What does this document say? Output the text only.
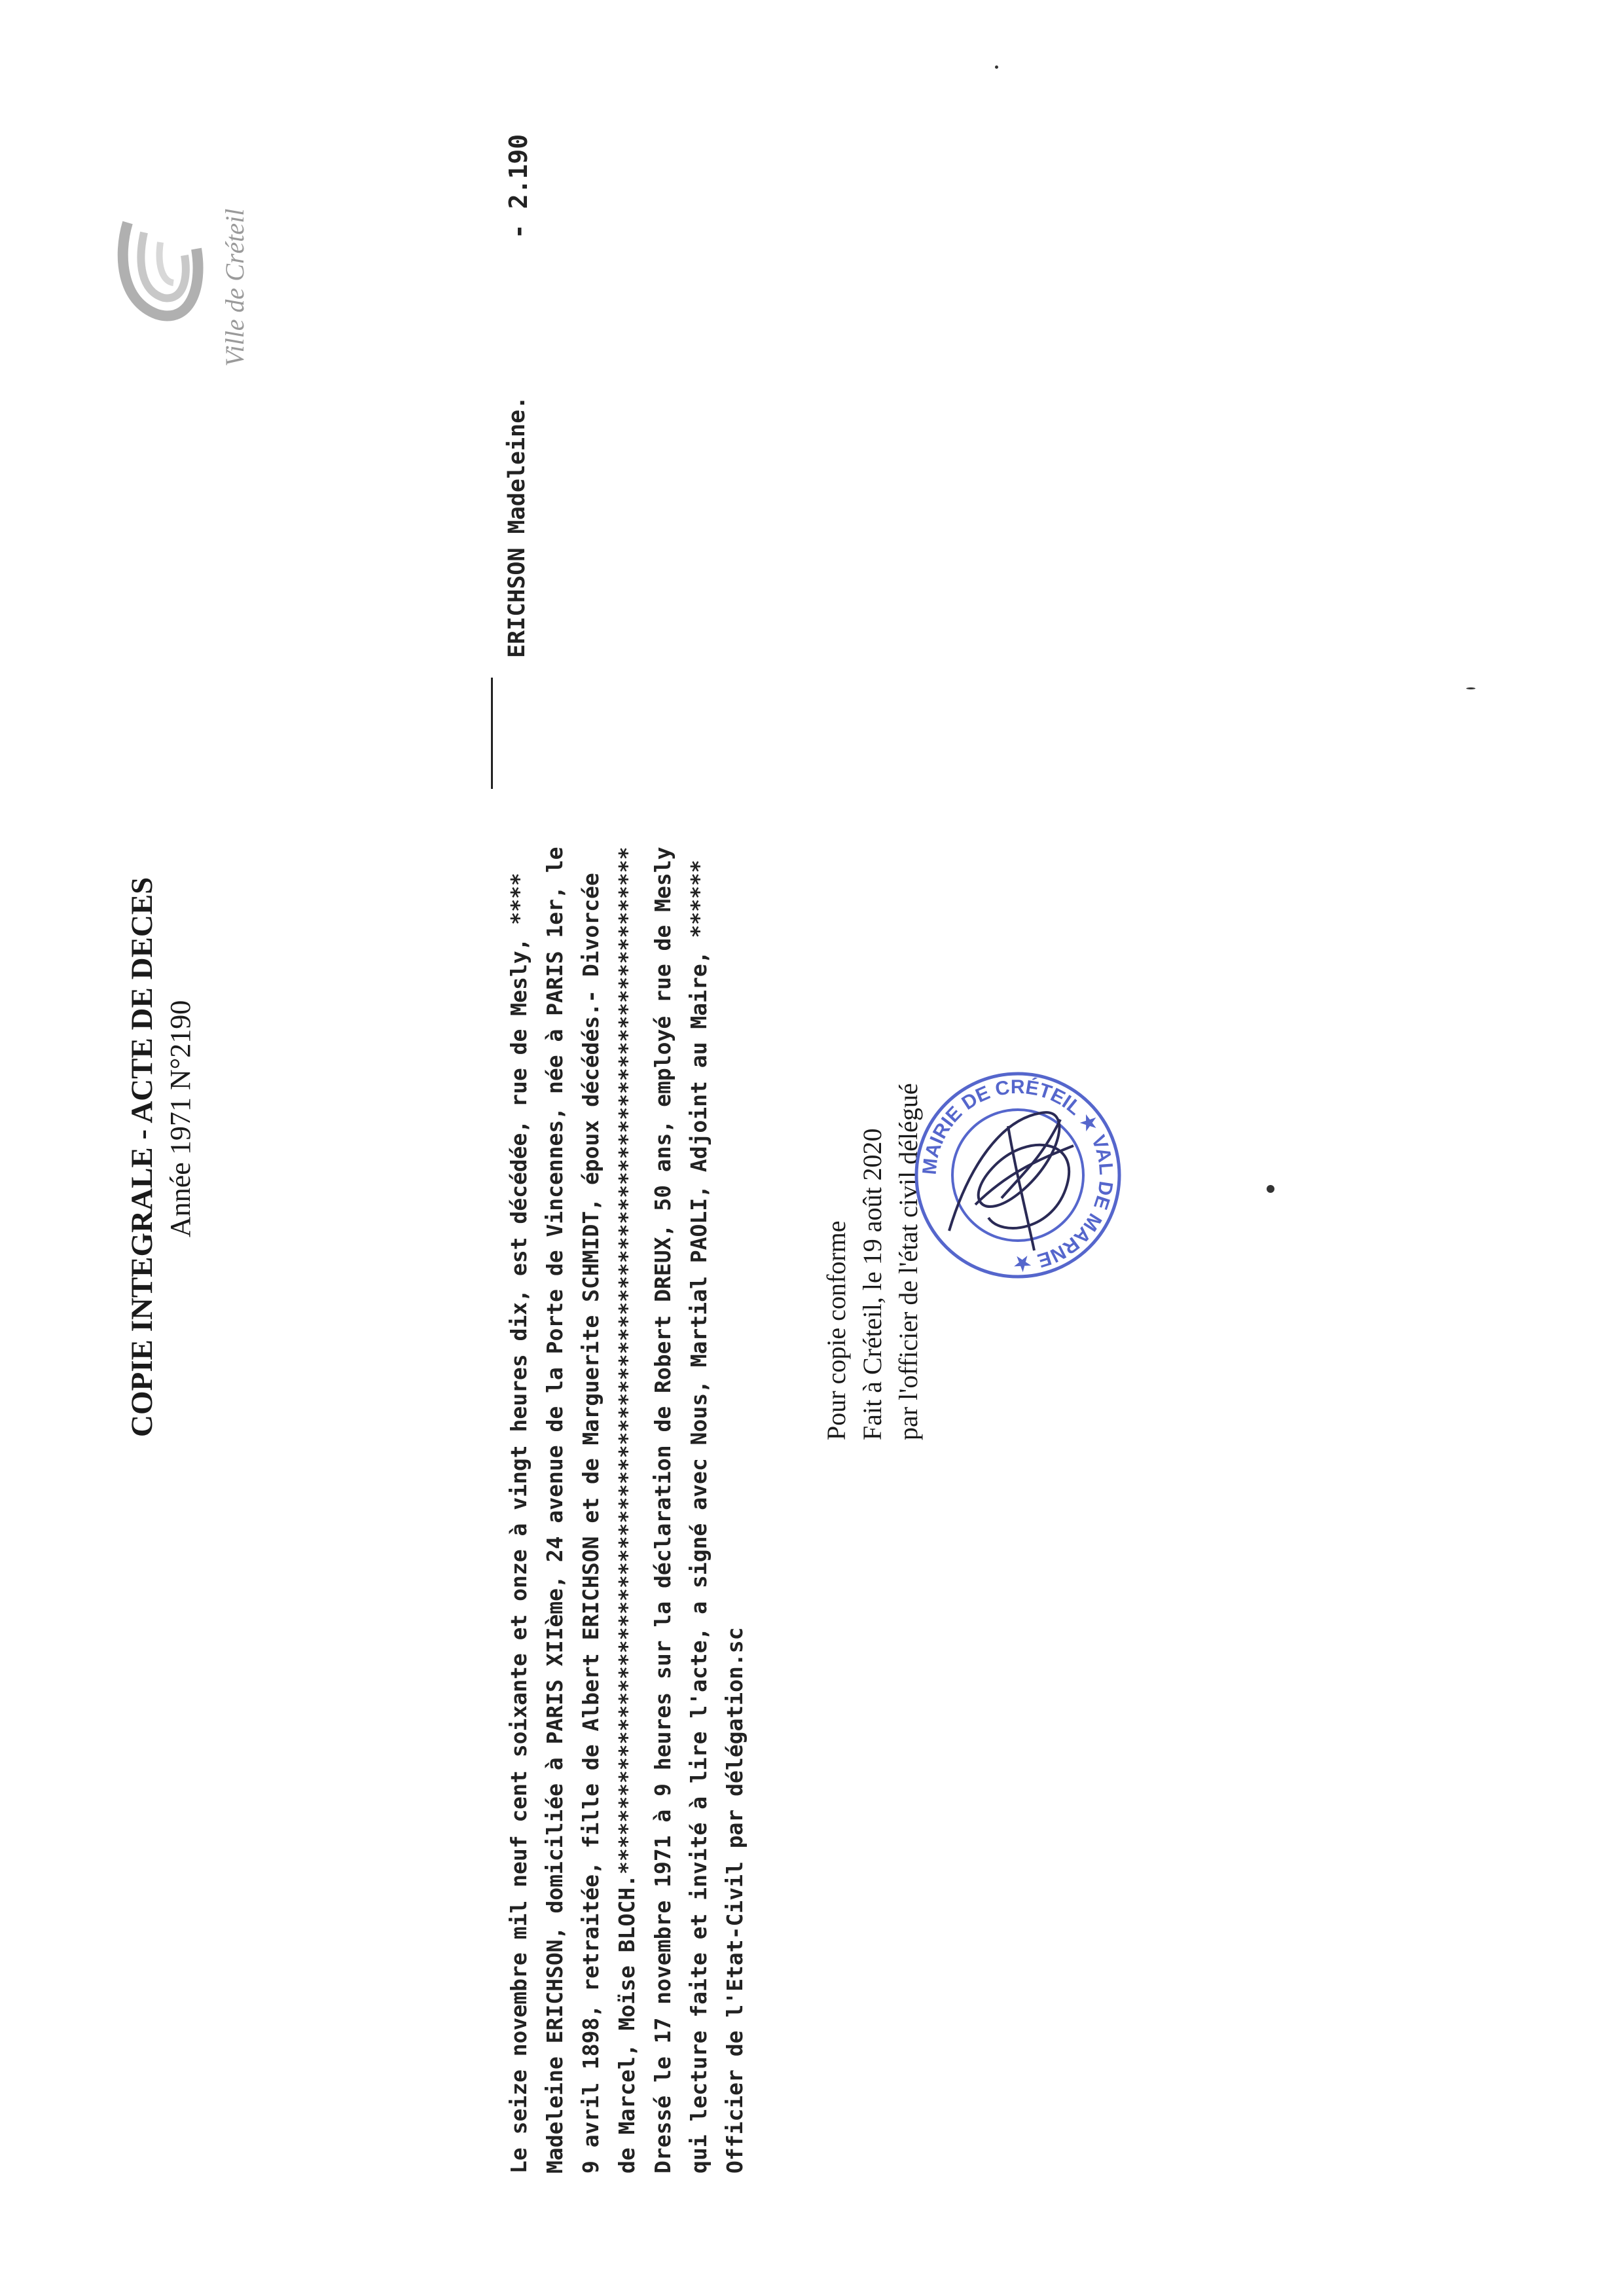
Ville de Créteil
COPIE INTEGRALE - ACTE DE DECES Année 1971 N°2190
ERICHSON Madeleine.
- 2.190
Le seize novembre mil neuf cent soixante et onze à vingt heures dix, est décédée, rue de Mesly, **** Madeleine ERICHSON, domiciliée à PARIS XIIème, 24 avenue de la Porte de Vincennes, née à PARIS 1er, le 9 avril 1898, retraitée, fille de Albert ERICHSON et de Marguerite SCHMIDT, époux décédés.- Divorcée de Marcel, Moïse BLOCH.******************************************************************************* Dressé le 17 novembre 1971 à 9 heures sur la déclaration de Robert DREUX, 50 ans, employé rue de Mesly qui lecture faite et invité à lire l'acte, a signé avec Nous, Martial PAOLI, Adjoint au Maire, ****** Officier de l'Etat-Civil par délégation.sc
Pour copie conforme Fait à Créteil, le 19 août 2020 par l'officier de l'état civil délégué
MAIRIE DE CRÉTEIL ★ VAL DE MARNE ★
